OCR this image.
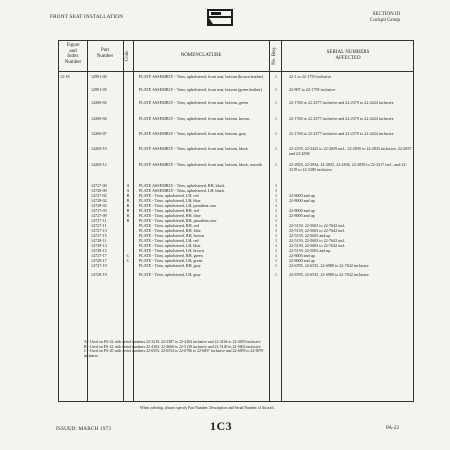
FRONT SEAT INSTALLATION	SECTION III
Cockpit Group
Figure
and
Index
Number
Part
Number	Code	NOMENCLATURE	No. Req.	SERIAL NUMBERS
AFFECTED
12-18	12991-00	PLATE ASSEMBLY - Trim, upholstered, front seat, bottom (brown leather)	1	22-1 to 22-1759 inclusive
12991-05	PLATE ASSEMBLY - Trim, upholstered, front seat, bottom (green leather)	1	22-807 to 22-1759 inclusive
14269-02	PLATE ASSEMBLY - Trim, upholstered, front seat, bottom, green	1	22-1760 to 22-2377 inclusive and 22-2379 to 22-2424 inclusive
14269-04	PLATE ASSEMBLY - Trim, upholstered, front seat, bottom, brown	1	22-1760 to 22-2377 inclusive and 22-2379 to 22-2424 inclusive
14269-07	PLATE ASSEMBLY - Trim, upholstered, front seat, bottom, gray	1	22-1760 to 22-2377 inclusive and 22-2379 to 22-2424 inclusive
14269-10	PLATE ASSEMBLY - Trim, upholstered, front seat, bottom, black	1	22-2378, 22-2425 to 22-2829 incl., 22-2830 to 22-2833 inclusive, 22-2837 and 22-2838
14269-12	PLATE ASSEMBLY - Trim, upholstered, front seat, bottom, black, smooth	1	22-2829, 22-2834, 22-2835, 22-2836, 22-2839 to 22-3217 incl., and 22-3219 to 22-3385 inclusive
14727-00	A	PLATE ASSEMBLY - Trim, upholstered, RH, black	1
14728-00	A	PLATE ASSEMBLY - Trim, upholstered, LH, black	1
14727-02	B	PLATE - Trim, upholstered, LH, red	1	22-8000 and up
14728-02	B	PLATE - Trim, upholstered, LH, blue	1	22-8000 and up
14728-03	B	PLATE - Trim, upholstered, LH, pasadena rose	1
14727-03	B	PLATE - Trim, upholstered, RH, red	1	22-8000 and up
14727-09	B	PLATE - Trim, upholstered, RH, blue	1	22-8000 and up
14727-11	B	PLATE - Trim, upholstered, RH, pasadena rose	1
14727-11	PLATE - Trim, upholstered, RH, red	1	22-5139, 22-5603 to 22-7642 incl.
14727-13	PLATE - Trim, upholstered, RH, blue	1	22-5139, 22-5603 to 22-7642 incl.
14727-15	PLATE - Trim, upholstered, RH, brown	1	22-5139, 22-5603 and up
14728-11	PLATE - Trim, upholstered, LH, red	1	22-5139, 22-5603 to 22-7642 incl.
14728-13	PLATE - Trim, upholstered, LH, blue	1	22-5139, 22-5603 to 22-7642 incl.
14728-15	PLATE - Trim, upholstered, LH, brown	1	22-5139, 22-5603 and up
14727-17	C	PLATE - Trim, upholstered, RH, green	1	22-8000 and up
14728-17	C	PLATE - Trim, upholstered, LH, green	1	22-8000 and up
14727-19	PLATE - Trim, upholstered, RH, gray	1	22-6785, 22-6535, 22-6980 to 22-7642 inclusive
14728-19	PLATE - Trim, upholstered, LH, gray	1	22-6785, 22-6535, 22-6980 to 22-7642 inclusive
A - Used on PA-22 with serial numbers 22-3218, 22-3387 to 22-4163 inclusive and 22-4164 to 22-4659 inclusive
B - Used on PA-22 with serial numbers 22-4163, 22-4660 to 22-5138 inclusive and 22-5140 to 22-5602 inclusive
C - Used on PA-20 with serial numbers 22-6553, 22-6554 to 22-6786 to 22-6857 inclusive and 22-6859 to 22-6979 inclusive
When ordering, always specify Part Number, Description and Serial Number of Aircraft.
ISSUED: MARCH 1973	1C3	PA-22
